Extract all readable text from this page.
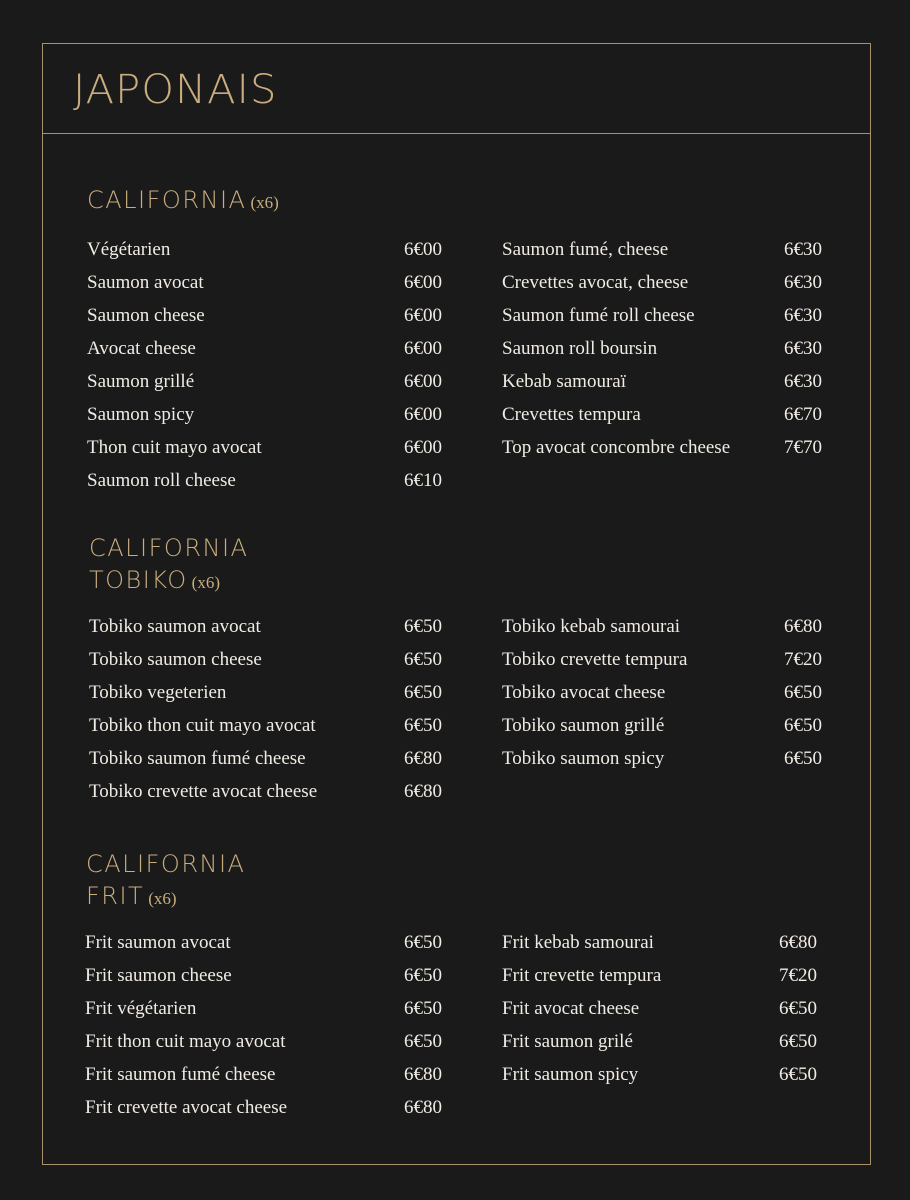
JAPONAIS
CALIFORNIA (x6)
CALIFORNIA
TOBIKO (x6)
CALIFORNIA
FRIT (x6)
Végétarien	6€00
Saumon avocat	6€00
Saumon cheese	6€00
Avocat cheese	6€00
Saumon grillé	6€00
Saumon spicy	6€00
Thon cuit mayo avocat	6€00
Saumon roll cheese	6€10
Saumon fumé, cheese	6€30
Crevettes avocat, cheese	6€30
Saumon fumé roll cheese	6€30
Saumon roll boursin	6€30
Kebab samouraï	6€30
Crevettes tempura	6€70
Top avocat concombre cheese	7€70
Tobiko saumon avocat	6€50
Tobiko saumon cheese	6€50
Tobiko vegeterien	6€50
Tobiko thon cuit mayo avocat	6€50
Tobiko saumon fumé cheese	6€80
Tobiko crevette avocat cheese	6€80
Tobiko kebab samourai	6€80
Tobiko crevette tempura	7€20
Tobiko avocat cheese	6€50
Tobiko saumon grillé	6€50
Tobiko saumon spicy	6€50
Frit saumon avocat	6€50
Frit saumon cheese	6€50
Frit végétarien	6€50
Frit thon cuit mayo avocat	6€50
Frit saumon fumé cheese	6€80
Frit crevette avocat cheese	6€80
Frit kebab samourai	6€80
Frit crevette tempura	7€20
Frit avocat cheese	6€50
Frit saumon grilé	6€50
Frit saumon spicy	6€50
